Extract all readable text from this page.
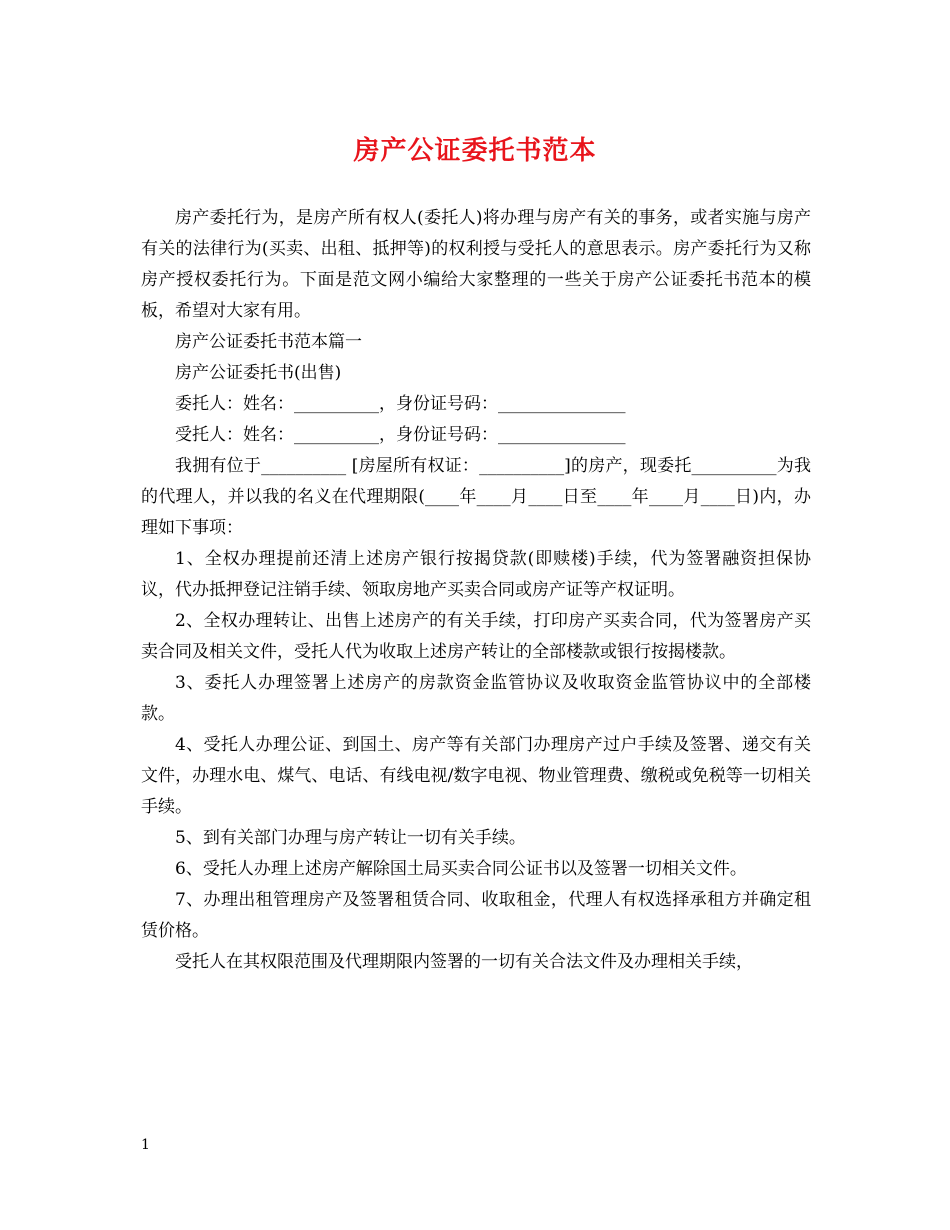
房产公证委托书范本

房产委托行为，是房产所有权人(委托人)将办理与房产有关的事务，或者实施与房产有关的法律行为(买卖、出租、抵押等)的权利授与受托人的意思表示。房产委托行为又称房产授权委托行为。下面是范文网小编给大家整理的一些关于房产公证委托书范本的模板，希望对大家有用。

房产公证委托书范本篇一

房产公证委托书(出售)

委托人：姓名：__________，身份证号码：_______________

受托人：姓名：__________，身份证号码：_______________

我拥有位于__________ [房屋所有权证：__________]的房产，现委托__________为我的代理人，并以我的名义在代理期限(____年____月____日至____年____月____日)内，办理如下事项：

1、全权办理提前还清上述房产银行按揭贷款(即赎楼)手续，代为签署融资担保协议，代办抵押登记注销手续、领取房地产买卖合同或房产证等产权证明。

2、全权办理转让、出售上述房产的有关手续，打印房产买卖合同，代为签署房产买卖合同及相关文件，受托人代为收取上述房产转让的全部楼款或银行按揭楼款。

3、委托人办理签署上述房产的房款资金监管协议及收取资金监管协议中的全部楼款。

4、受托人办理公证、到国土、房产等有关部门办理房产过户手续及签署、递交有关文件，办理水电、煤气、电话、有线电视/数字电视、物业管理费、缴税或免税等一切相关手续。

5、到有关部门办理与房产转让一切有关手续。

6、受托人办理上述房产解除国土局买卖合同公证书以及签署一切相关文件。

7、办理出租管理房产及签署租赁合同、收取租金，代理人有权选择承租方并确定租赁价格。

受托人在其权限范围及代理期限内签署的一切有关合法文件及办理相关手续，

1
